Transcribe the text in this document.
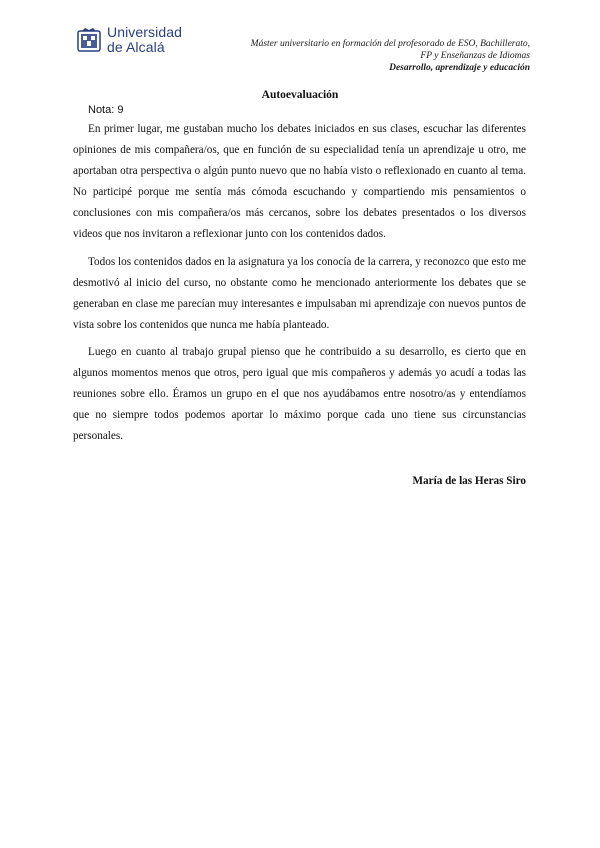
Universidad
de Alcalá	Máster universitario en formación del profesorado de ESO, Bachillerato,
FP y Enseñanzas de Idiomas
Desarrollo, aprendizaje y educación
Autoevaluación
Nota: 9

En primer lugar, me gustaban mucho los debates iniciados en sus clases, escuchar las diferentes opiniones de mis compañera/os, que en función de su especialidad tenía un aprendizaje u otro, me aportaban otra perspectiva o algún punto nuevo que no había visto o reflexionado en cuanto al tema. No participé porque me sentía más cómoda escuchando y compartiendo mis pensamientos o conclusiones con mis compañera/os más cercanos, sobre los debates presentados o los diversos videos que nos invitaron a reflexionar junto con los contenidos dados.

Todos los contenidos dados en la asignatura ya los conocía de la carrera, y reconozco que esto me desmotivó al inicio del curso, no obstante como he mencionado anteriormente los debates que se generaban en clase me parecían muy interesantes e impulsaban mi aprendizaje con nuevos puntos de vista sobre los contenidos que nunca me había planteado.

Luego en cuanto al trabajo grupal pienso que he contribuido a su desarrollo, es cierto que en algunos momentos menos que otros, pero igual que mis compañeros y además yo acudí a todas las reuniones sobre ello. Éramos un grupo en el que nos ayudábamos entre nosotro/as y entendíamos que no siempre todos podemos aportar lo máximo porque cada uno tiene sus circunstancias personales.

María de las Heras Siro
